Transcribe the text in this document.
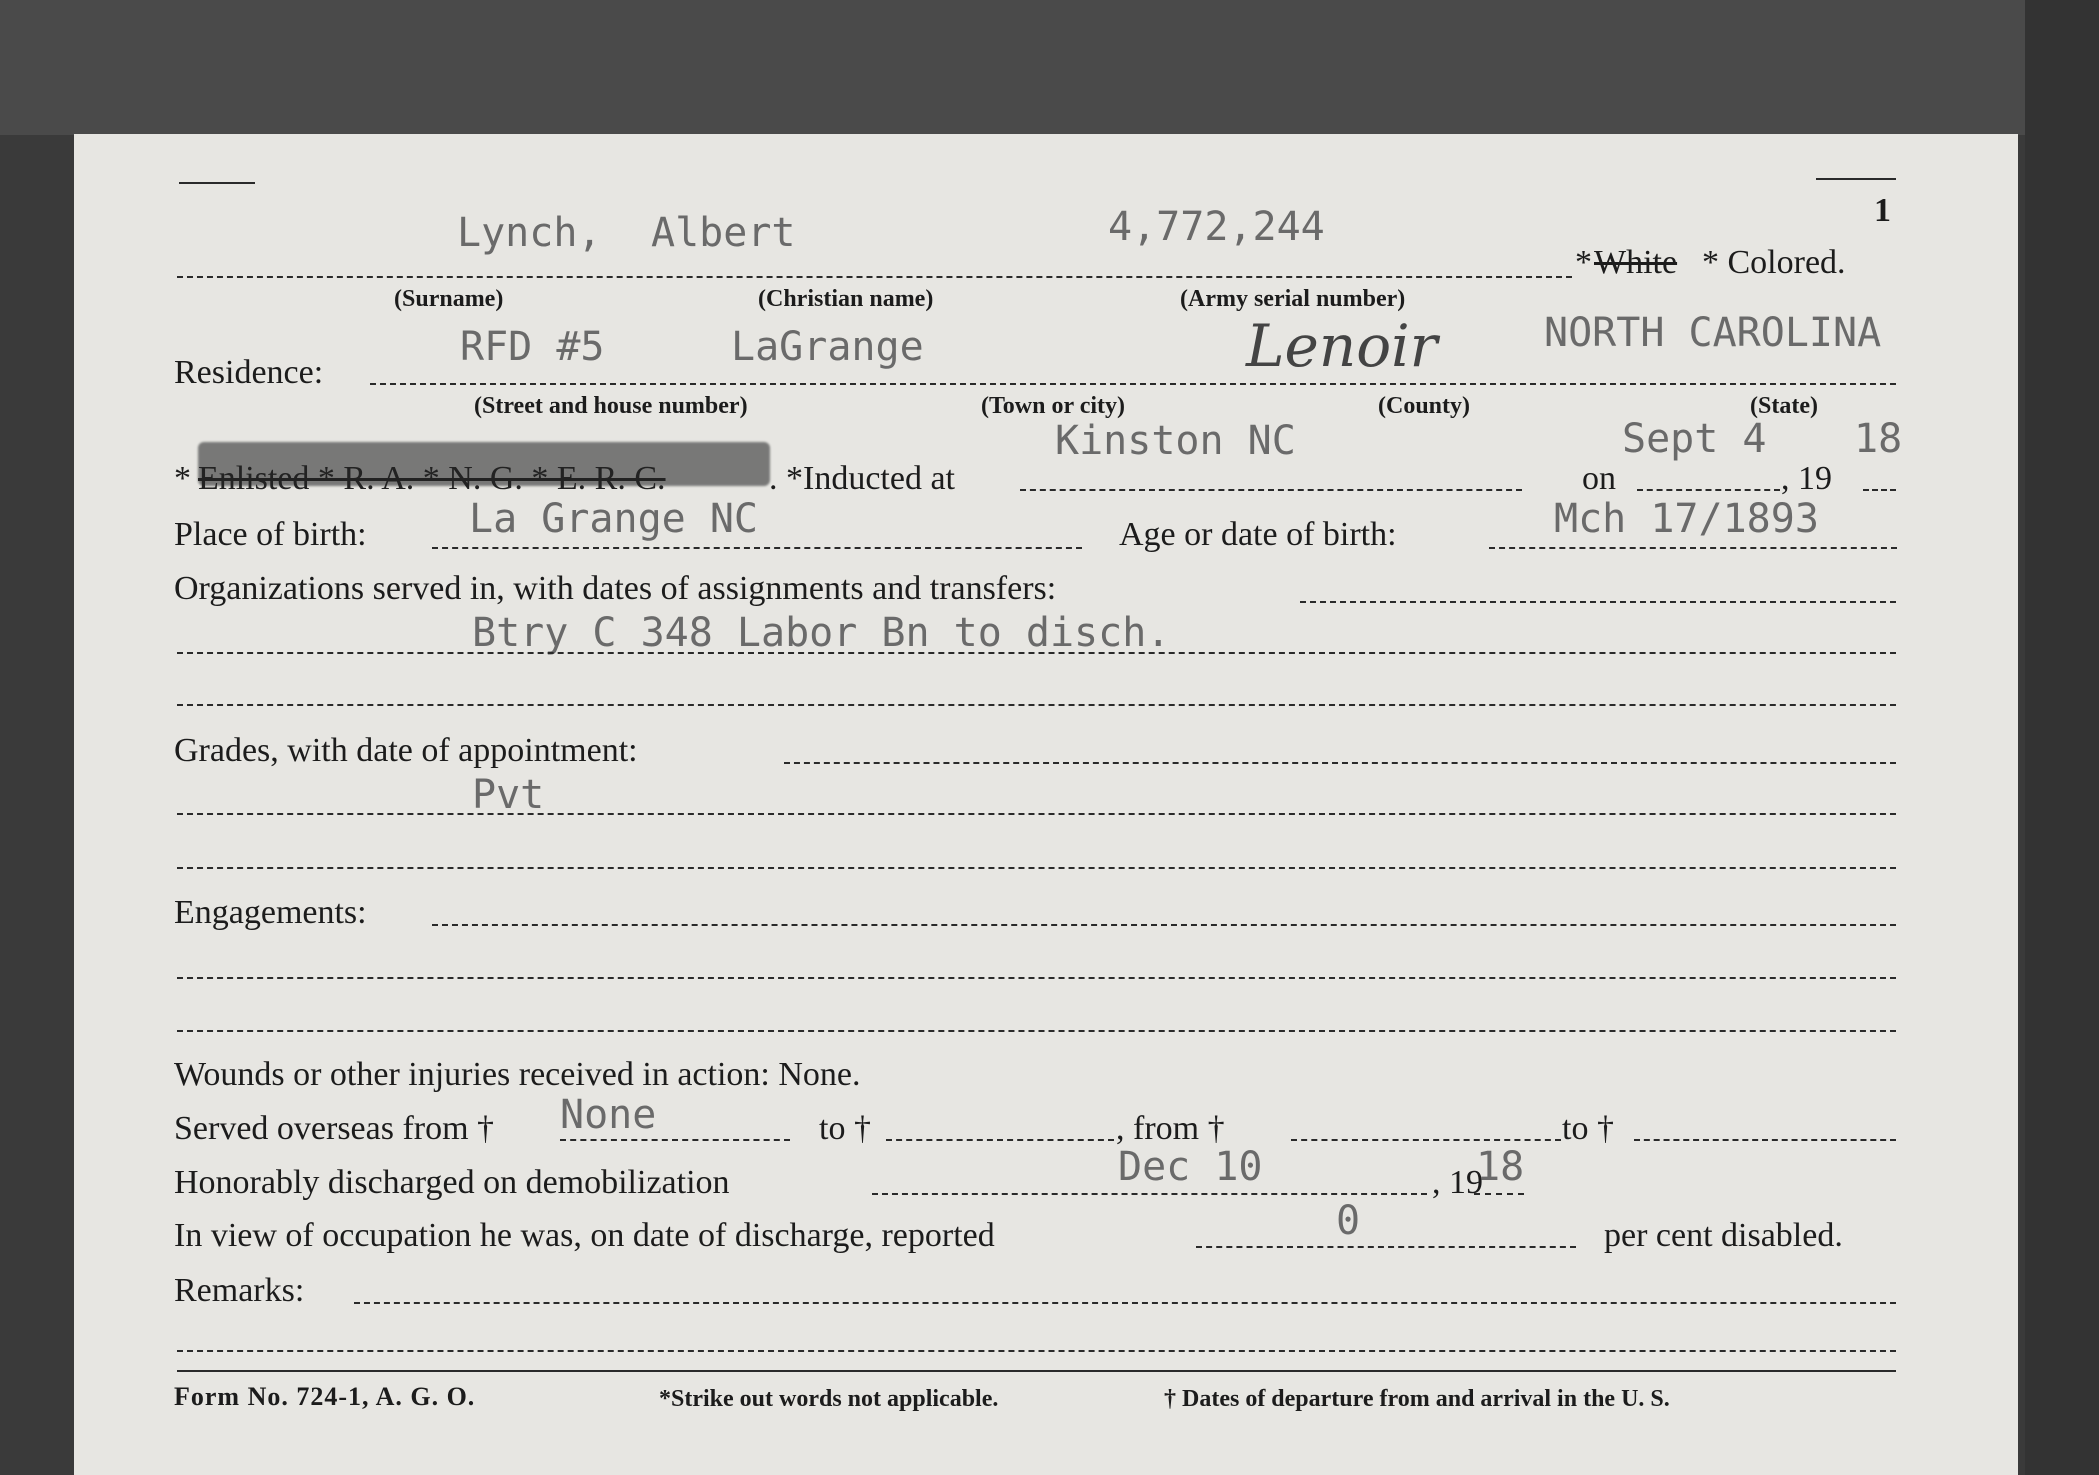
1
Lynch, Albert	4,772,244
* White * Colored.
(Surname)	(Christian name)	(Army serial number)
Residence:
RFD #5	LaGrange	Lenoir	NORTH CAROLINA
(Street and house number)	(Town or city)	(County)	(State)
* Enlisted * R. A. * N. G. * E. R. C.	. *Inducted at
Kinston NC
on
Sept 4 18
, 19
Place of birth:	La Grange NC	Age or date of birth:	Mch 17/1893
Organizations served in, with dates of assignments and transfers:
Btry C 348 Labor Bn to disch.
Grades, with date of appointment:
Pvt
Engagements:
Wounds or other injuries received in action: None.
Served overseas from † None	to †	, from †	to †
Honorably discharged on demobilization	Dec 10	, 19
18
In view of occupation he was, on date of discharge, reported	0	per cent disabled.
Remarks:
Form No. 724-1, A. G. O.	*Strike out words not applicable.	† Dates of departure from and arrival in the U. S.
